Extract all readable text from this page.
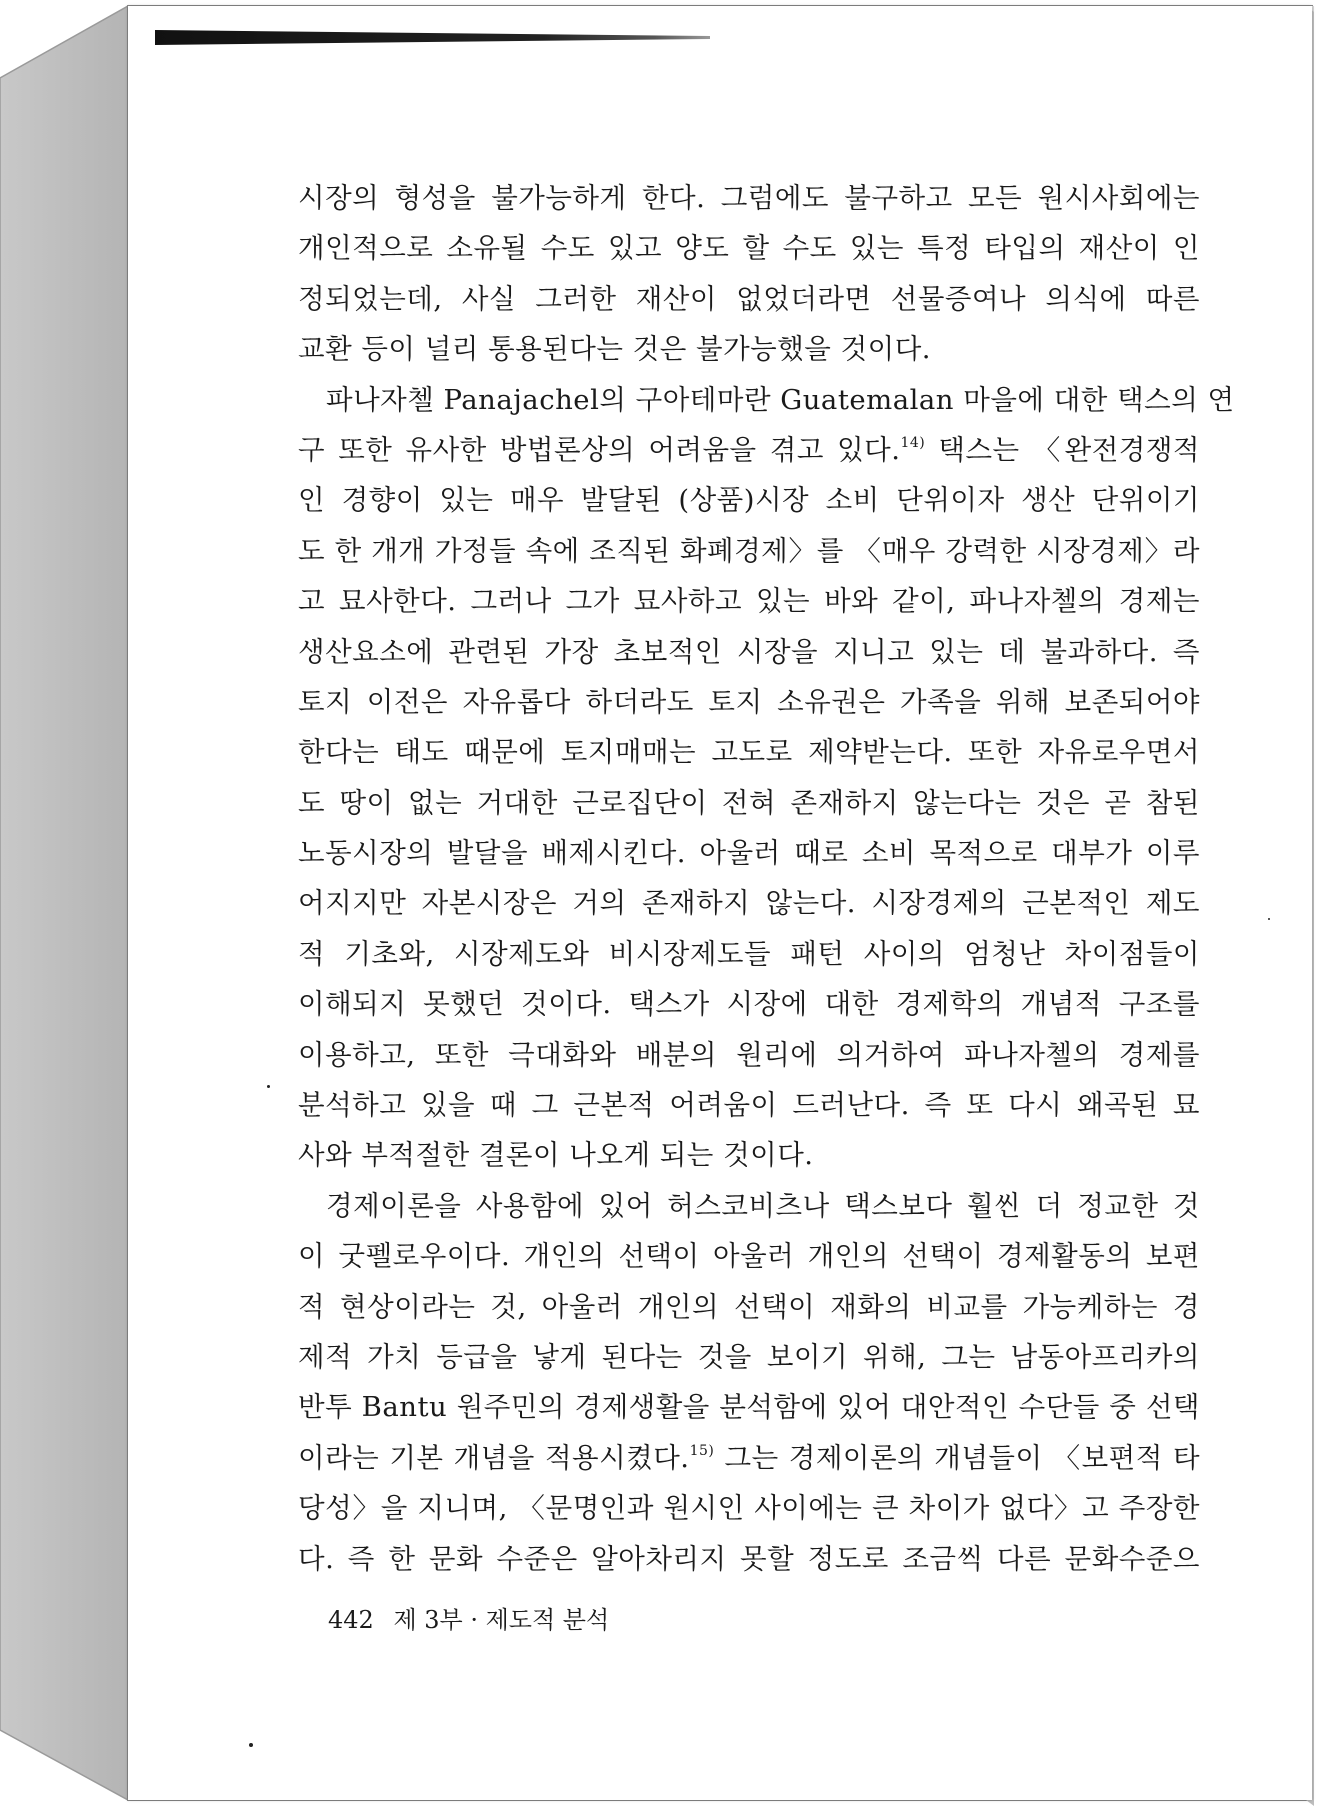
시장의 형성을 불가능하게 한다. 그럼에도 불구하고 모든 원시사회에는
개인적으로 소유될 수도 있고 양도 할 수도 있는 특정 타입의 재산이 인
정되었는데, 사실 그러한 재산이 없었더라면 선물증여나 의식에 따른
교환 등이 널리 통용된다는 것은 불가능했을 것이다.
파나자첼 Panajachel의 구아테마란 Guatemalan 마을에 대한 택스의 연
구 또한 유사한 방법론상의 어려움을 겪고 있다.$^{14)}$ 택스는 〈완전경쟁적
인 경향이 있는 매우 발달된 (상품)시장 소비 단위이자 생산 단위이기
도 한 개개 가정들 속에 조직된 화폐경제〉를 〈매우 강력한 시장경제〉라
고 묘사한다. 그러나 그가 묘사하고 있는 바와 같이, 파나자첼의 경제는
생산요소에 관련된 가장 초보적인 시장을 지니고 있는 데 불과하다. 즉
토지 이전은 자유롭다 하더라도 토지 소유권은 가족을 위해 보존되어야
한다는 태도 때문에 토지매매는 고도로 제약받는다. 또한 자유로우면서
도 땅이 없는 거대한 근로집단이 전혀 존재하지 않는다는 것은 곧 참된
노동시장의 발달을 배제시킨다. 아울러 때로 소비 목적으로 대부가 이루
어지지만 자본시장은 거의 존재하지 않는다. 시장경제의 근본적인 제도
적 기초와, 시장제도와 비시장제도들 패턴 사이의 엄청난 차이점들이
이해되지 못했던 것이다. 택스가 시장에 대한 경제학의 개념적 구조를
이용하고, 또한 극대화와 배분의 원리에 의거하여 파나자첼의 경제를
분석하고 있을 때 그 근본적 어려움이 드러난다. 즉 또 다시 왜곡된 묘
사와 부적절한 결론이 나오게 되는 것이다.
경제이론을 사용함에 있어 허스코비츠나 택스보다 훨씬 더 정교한 것
이 굿펠로우이다. 개인의 선택이 아울러 개인의 선택이 경제활동의 보편
적 현상이라는 것, 아울러 개인의 선택이 재화의 비교를 가능케하는 경
제적 가치 등급을 낳게 된다는 것을 보이기 위해, 그는 남동아프리카의
반투 Bantu 원주민의 경제생활을 분석함에 있어 대안적인 수단들 중 선택
이라는 기본 개념을 적용시켰다.$^{15)}$ 그는 경제이론의 개념들이 〈보편적 타
당성〉을 지니며, 〈문명인과 원시인 사이에는 큰 차이가 없다〉고 주장한
다. 즉 한 문화 수준은 알아차리지 못할 정도로 조금씩 다른 문화수준으
442 제 3부 · 제도적 분석
